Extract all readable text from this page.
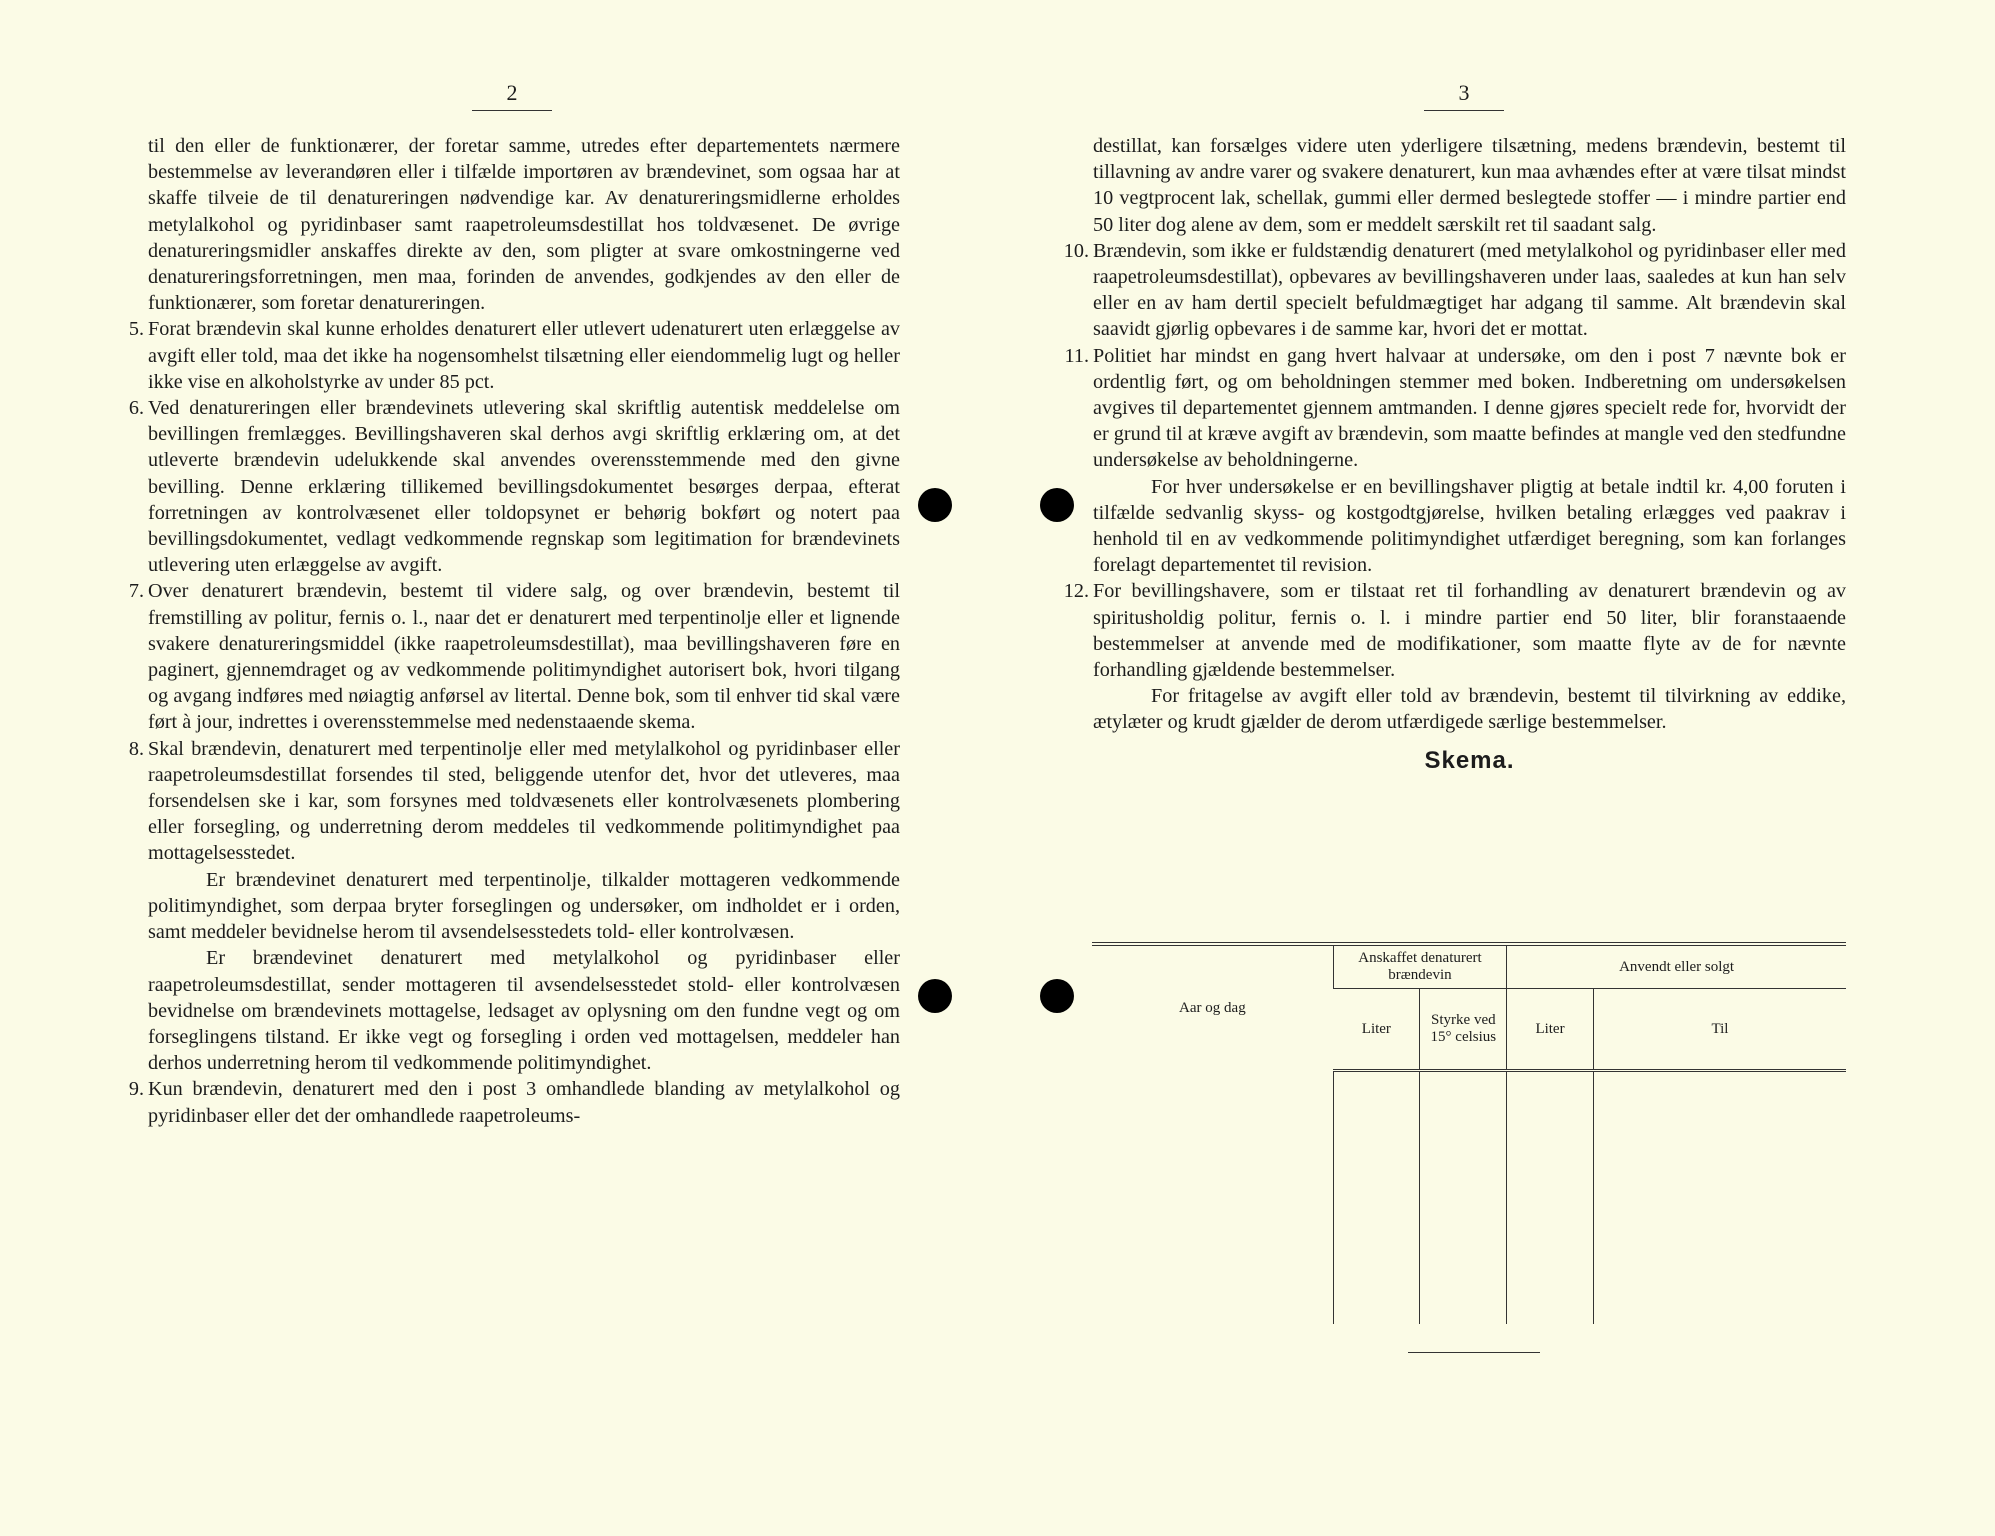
2	3

til den eller de funktionærer, der foretar samme, utredes efter departementets nærmere bestemmelse av leverandøren eller i tilfælde importøren av brændevinet, som ogsaa har at skaffe tilveie de til denatureringen nødvendige kar. Av denatureringsmidlerne erholdes metylalkohol og pyridinbaser samt raapetroleumsdestillat hos toldvæsenet. De øvrige denatureringsmidler anskaffes direkte av den, som pligter at svare omkostningerne ved denatureringsforretningen, men maa, forinden de anvendes, godkjendes av den eller de funktionærer, som foretar denatureringen.

5. Forat brændevin skal kunne erholdes denaturert eller utlevert udenaturert uten erlæggelse av avgift eller told, maa det ikke ha nogensomhelst tilsætning eller eiendommelig lugt og heller ikke vise en alkoholstyrke av under 85 pct.

6. Ved denatureringen eller brændevinets utlevering skal skriftlig autentisk meddelelse om bevillingen fremlægges. Bevillingshaveren skal derhos avgi skriftlig erklæring om, at det utleverte brændevin udelukkende skal anvendes overensstemmende med den givne bevilling. Denne erklæring tillikemed bevillingsdokumentet besørges derpaa, efterat forretningen av kontrolvæsenet eller toldopsynet er behørig bokført og notert paa bevillingsdokumentet, vedlagt vedkommende regnskap som legitimation for brændevinets utlevering uten erlæggelse av avgift.

7. Over denaturert brændevin, bestemt til videre salg, og over brændevin, bestemt til fremstilling av politur, fernis o. l., naar det er denaturert med terpentinolje eller et lignende svakere denatureringsmiddel (ikke raapetroleumsdestillat), maa bevillingshaveren føre en paginert, gjennemdraget og av vedkommende politimyndighet autorisert bok, hvori tilgang og avgang indføres med nøiagtig anførsel av litertal. Denne bok, som til enhver tid skal være ført à jour, indrettes i overensstemmelse med nedenstaaende skema.

8. Skal brændevin, denaturert med terpentinolje eller med metylalkohol og pyridinbaser eller raapetroleumsdestillat forsendes til sted, beliggende utenfor det, hvor det utleveres, maa forsendelsen ske i kar, som forsynes med toldvæsenets eller kontrolvæsenets plombering eller forsegling, og underretning derom meddeles til vedkommende politimyndighet paa mottagelsesstedet.

Er brændevinet denaturert med terpentinolje, tilkalder mottageren vedkommende politimyndighet, som derpaa bryter forseglingen og undersøker, om indholdet er i orden, samt meddeler bevidnelse herom til avsendelsesstedets told- eller kontrolvæsen.

Er brændevinet denaturert med metylalkohol og pyridinbaser eller raapetroleumsdestillat, sender mottageren til avsendelsesstedet stold- eller kontrolvæsen bevidnelse om brændevinets mottagelse, ledsaget av oplysning om den fundne vegt og om forseglingens tilstand. Er ikke vegt og forsegling i orden ved mottagelsen, meddeler han derhos underretning herom til vedkommende politimyndighet.

9. Kun brændevin, denaturert med den i post 3 omhandlede blanding av metylalkohol og pyridinbaser eller det der omhandlede raapetroleums-

destillat, kan forsælges videre uten yderligere tilsætning, medens brændevin, bestemt til tillavning av andre varer og svakere denaturert, kun maa avhændes efter at være tilsat mindst 10 vegtprocent lak, schellak, gummi eller dermed beslegtede stoffer — i mindre partier end 50 liter dog alene av dem, som er meddelt særskilt ret til saadant salg.

10. Brændevin, som ikke er fuldstændig denaturert (med metylalkohol og pyridinbaser eller med raapetroleumsdestillat), opbevares av bevillingshaveren under laas, saaledes at kun han selv eller en av ham dertil specielt befuldmægtiget har adgang til samme. Alt brændevin skal saavidt gjørlig opbevares i de samme kar, hvori det er mottat.

11. Politiet har mindst en gang hvert halvaar at undersøke, om den i post 7 nævnte bok er ordentlig ført, og om beholdningen stemmer med boken. Indberetning om undersøkelsen avgives til departementet gjennem amtmanden. I denne gjøres specielt rede for, hvorvidt der er grund til at kræve avgift av brændevin, som maatte befindes at mangle ved den stedfundne undersøkelse av beholdningerne.

For hver undersøkelse er en bevillingshaver pligtig at betale indtil kr. 4,00 foruten i tilfælde sedvanlig skyss- og kostgodtgjørelse, hvilken betaling erlægges ved paakrav i henhold til en av vedkommende politimyndighet utfærdiget beregning, som kan forlanges forelagt departementet til revision.

12. For bevillingshavere, som er tilstaat ret til forhandling av denaturert brændevin og av spiritusholdig politur, fernis o. l. i mindre partier end 50 liter, blir foranstaaende bestemmelser at anvende med de modifikationer, som maatte flyte av de for nævnte forhandling gjældende bestemmelser.

For fritagelse av avgift eller told av brændevin, bestemt til tilvirkning av eddike, ætylæter og krudt gjælder de derom utfærdigede særlige bestemmelser.

Skema.
Aar og dag	Anskaffet denaturert brændevin		Anvendt eller solgt	
	Liter	Styrke ved 15° celsius	Liter	Til
